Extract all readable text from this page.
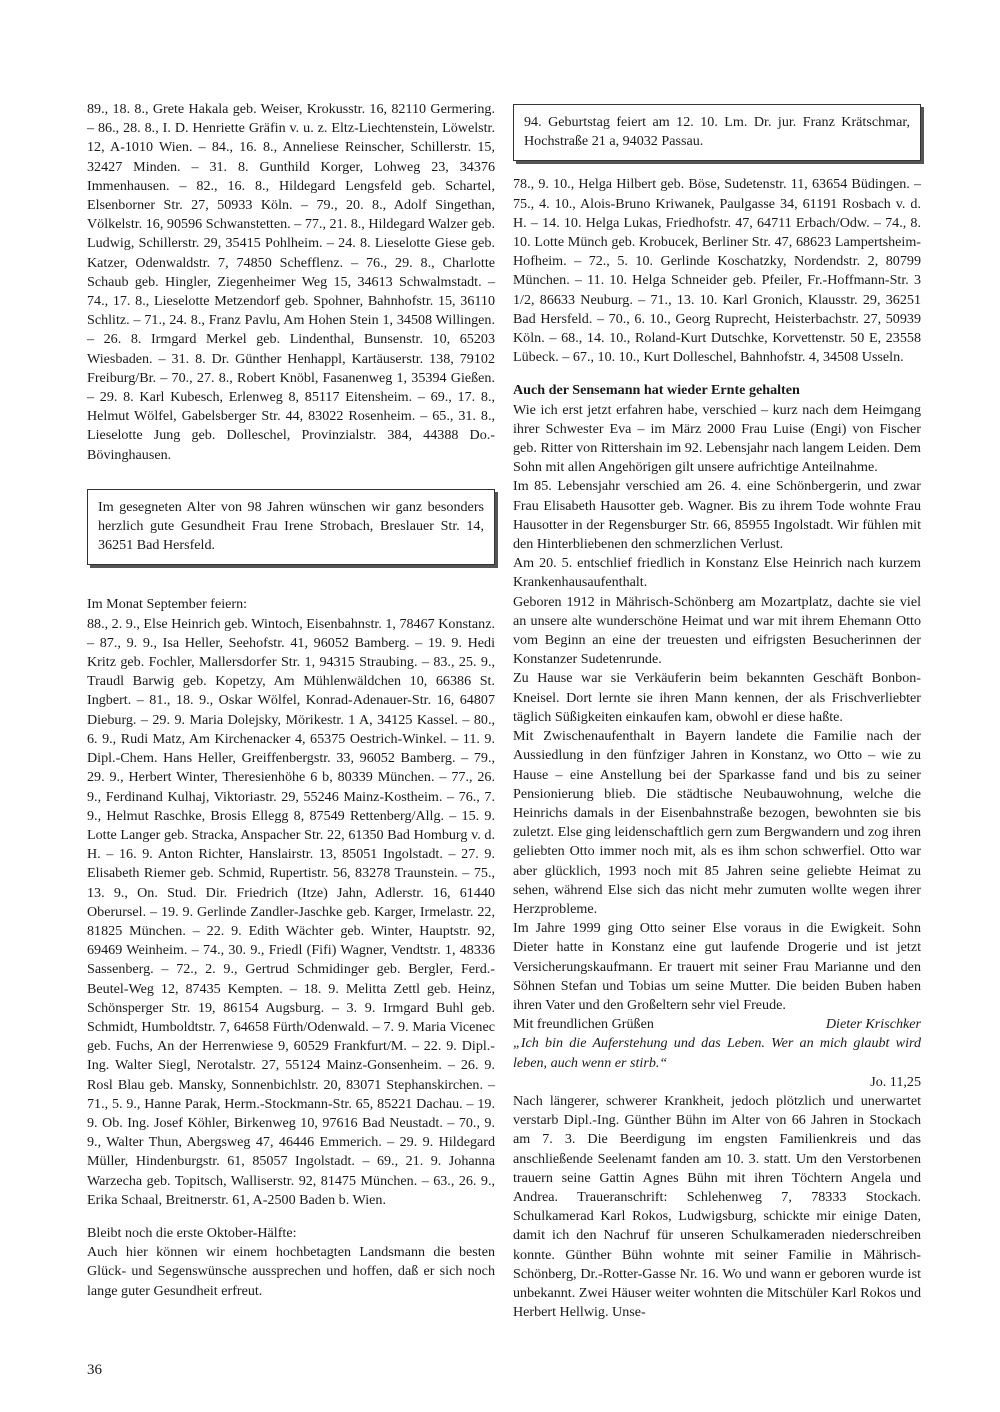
89., 18. 8., Grete Hakala geb. Weiser, Krokusstr. 16, 82110 Germering. – 86., 28. 8., I. D. Henriette Gräfin v. u. z. Eltz-Liechtenstein, Löwelstr. 12, A-1010 Wien. – 84., 16. 8., Anneliese Reinscher, Schillerstr. 15, 32427 Minden. – 31. 8. Gunthild Korger, Lohweg 23, 34376 Immenhausen. – 82., 16. 8., Hildegard Lengsfeld geb. Schartel, Elsenborner Str. 27, 50933 Köln. – 79., 20. 8., Adolf Singethan, Völkelstr. 16, 90596 Schwanstetten. – 77., 21. 8., Hildegard Walzer geb. Ludwig, Schillerstr. 29, 35415 Pohlheim. – 24. 8. Lieselotte Giese geb. Katzer, Odenwaldstr. 7, 74850 Schefflenz. – 76., 29. 8., Charlotte Schaub geb. Hingler, Ziegenheimer Weg 15, 34613 Schwalmstadt. – 74., 17. 8., Lieselotte Metzendorf geb. Spohner, Bahnhofstr. 15, 36110 Schlitz. – 71., 24. 8., Franz Pavlu, Am Hohen Stein 1, 34508 Willingen. – 26. 8. Irmgard Merkel geb. Lindenthal, Bunsenstr. 10, 65203 Wiesbaden. – 31. 8. Dr. Günther Henhappl, Kartäuserstr. 138, 79102 Freiburg/Br. – 70., 27. 8., Robert Knöbl, Fasanenweg 1, 35394 Gießen. – 29. 8. Karl Kubesch, Erlenweg 8, 85117 Eitensheim. – 69., 17. 8., Helmut Wölfel, Gabelsberger Str. 44, 83022 Rosenheim. – 65., 31. 8., Lieselotte Jung geb. Dolleschel, Provinzialstr. 384, 44388 Do.-Bövinghausen.

Im gesegneten Alter von 98 Jahren wünschen wir ganz besonders herzlich gute Gesundheit Frau Irene Strobach, Breslauer Str. 14, 36251 Bad Hersfeld.

Im Monat September feiern:

88., 2. 9., Else Heinrich geb. Wintoch, Eisenbahnstr. 1, 78467 Konstanz. – 87., 9. 9., Isa Heller, Seehofstr. 41, 96052 Bamberg. – 19. 9. Hedi Kritz geb. Fochler, Mallersdorfer Str. 1, 94315 Straubing. – 83., 25. 9., Traudl Barwig geb. Kopetzy, Am Mühlenwäldchen 10, 66386 St. Ingbert. – 81., 18. 9., Oskar Wölfel, Konrad-Adenauer-Str. 16, 64807 Dieburg. – 29. 9. Maria Dolejsky, Mörikestr. 1 A, 34125 Kassel. – 80., 6. 9., Rudi Matz, Am Kirchenacker 4, 65375 Oestrich-Winkel. – 11. 9. Dipl.-Chem. Hans Heller, Greiffenbergstr. 33, 96052 Bamberg. – 79., 29. 9., Herbert Winter, Theresienhöhe 6 b, 80339 München. – 77., 26. 9., Ferdinand Kulhaj, Viktoriastr. 29, 55246 Mainz-Kostheim. – 76., 7. 9., Helmut Raschke, Brosis Ellegg 8, 87549 Rettenberg/Allg. – 15. 9. Lotte Langer geb. Stracka, Anspacher Str. 22, 61350 Bad Homburg v. d. H. – 16. 9. Anton Richter, Hanslairstr. 13, 85051 Ingolstadt. – 27. 9. Elisabeth Riemer geb. Schmid, Rupertistr. 56, 83278 Traunstein. – 75., 13. 9., On. Stud. Dir. Friedrich (Itze) Jahn, Adlerstr. 16, 61440 Oberursel. – 19. 9. Gerlinde Zandler-Jaschke geb. Karger, Irmelastr. 22, 81825 München. – 22. 9. Edith Wächter geb. Winter, Hauptstr. 92, 69469 Weinheim. – 74., 30. 9., Friedl (Fifi) Wagner, Vendtstr. 1, 48336 Sassenberg. – 72., 2. 9., Gertrud Schmidinger geb. Bergler, Ferd.-Beutel-Weg 12, 87435 Kempten. – 18. 9. Melitta Zettl geb. Heinz, Schönsperger Str. 19, 86154 Augsburg. – 3. 9. Irmgard Buhl geb. Schmidt, Humboldtstr. 7, 64658 Fürth/Odenwald. – 7. 9. Maria Vicenec geb. Fuchs, An der Herrenwiese 9, 60529 Frankfurt/M. – 22. 9. Dipl.-Ing. Walter Siegl, Nerotalstr. 27, 55124 Mainz-Gonsenheim. – 26. 9. Rosl Blau geb. Mansky, Sonnenbichlstr. 20, 83071 Stephanskirchen. – 71., 5. 9., Hanne Parak, Herm.-Stockmann-Str. 65, 85221 Dachau. – 19. 9. Ob. Ing. Josef Köhler, Birkenweg 10, 97616 Bad Neustadt. – 70., 9. 9., Walter Thun, Abergsweg 47, 46446 Emmerich. – 29. 9. Hildegard Müller, Hindenburgstr. 61, 85057 Ingolstadt. – 69., 21. 9. Johanna Warzecha geb. Topitsch, Walliserstr. 92, 81475 München. – 63., 26. 9., Erika Schaal, Breitnerstr. 61, A-2500 Baden b. Wien.

Bleibt noch die erste Oktober-Hälfte:

Auch hier können wir einem hochbetagten Landsmann die besten Glück- und Segenswünsche aussprechen und hoffen, daß er sich noch lange guter Gesundheit erfreut.

94. Geburtstag feiert am 12. 10. Lm. Dr. jur. Franz Krätschmar, Hochstraße 21 a, 94032 Passau.

78., 9. 10., Helga Hilbert geb. Böse, Sudetenstr. 11, 63654 Büdingen. – 75., 4. 10., Alois-Bruno Kriwanek, Paulgasse 34, 61191 Rosbach v. d. H. – 14. 10. Helga Lukas, Friedhofstr. 47, 64711 Erbach/Odw. – 74., 8. 10. Lotte Münch geb. Krobucek, Berliner Str. 47, 68623 Lampertsheim-Hofheim. – 72., 5. 10. Gerlinde Koschatzky, Nordendstr. 2, 80799 München. – 11. 10. Helga Schneider geb. Pfeiler, Fr.-Hoffmann-Str. 3 1/2, 86633 Neuburg. – 71., 13. 10. Karl Gronich, Klausstr. 29, 36251 Bad Hersfeld. – 70., 6. 10., Georg Ruprecht, Heisterbachstr. 27, 50939 Köln. – 68., 14. 10., Roland-Kurt Dutschke, Korvettenstr. 50 E, 23558 Lübeck. – 67., 10. 10., Kurt Dolleschel, Bahnhofstr. 4, 34508 Usseln.

Auch der Sensemann hat wieder Ernte gehalten

Wie ich erst jetzt erfahren habe, verschied – kurz nach dem Heimgang ihrer Schwester Eva – im März 2000 Frau Luise (Engi) von Fischer geb. Ritter von Rittershain im 92. Lebensjahr nach langem Leiden. Dem Sohn mit allen Angehörigen gilt unsere aufrichtige Anteilnahme.

Im 85. Lebensjahr verschied am 26. 4. eine Schönbergerin, und zwar Frau Elisabeth Hausotter geb. Wagner. Bis zu ihrem Tode wohnte Frau Hausotter in der Regensburger Str. 66, 85955 Ingolstadt. Wir fühlen mit den Hinterbliebenen den schmerzlichen Verlust.

Am 20. 5. entschlief friedlich in Konstanz Else Heinrich nach kurzem Krankenhausaufenthalt.

Geboren 1912 in Mährisch-Schönberg am Mozartplatz, dachte sie viel an unsere alte wunderschöne Heimat und war mit ihrem Ehemann Otto vom Beginn an eine der treuesten und eifrigsten Besucherinnen der Konstanzer Sudetenrunde.

Zu Hause war sie Verkäuferin beim bekannten Geschäft Bonbon-Kneisel. Dort lernte sie ihren Mann kennen, der als Frischverliebter täglich Süßigkeiten einkaufen kam, obwohl er diese haßte.

Mit Zwischenaufenthalt in Bayern landete die Familie nach der Aussiedlung in den fünfziger Jahren in Konstanz, wo Otto – wie zu Hause – eine Anstellung bei der Sparkasse fand und bis zu seiner Pensionierung blieb. Die städtische Neubauwohnung, welche die Heinrichs damals in der Eisenbahnstraße bezogen, bewohnten sie bis zuletzt. Else ging leidenschaftlich gern zum Bergwandern und zog ihren geliebten Otto immer noch mit, als es ihm schon schwerfiel. Otto war aber glücklich, 1993 noch mit 85 Jahren seine geliebte Heimat zu sehen, während Else sich das nicht mehr zumuten wollte wegen ihrer Herzprobleme.

Im Jahre 1999 ging Otto seiner Else voraus in die Ewigkeit. Sohn Dieter hatte in Konstanz eine gut laufende Drogerie und ist jetzt Versicherungskaufmann. Er trauert mit seiner Frau Marianne und den Söhnen Stefan und Tobias um seine Mutter. Die beiden Buben haben ihren Vater und den Großeltern sehr viel Freude.

Mit freundlichen Grüßen	Dieter Krischker

„Ich bin die Auferstehung und das Leben. Wer an mich glaubt wird leben, auch wenn er stirb.“

Jo. 11,25

Nach längerer, schwerer Krankheit, jedoch plötzlich und unerwartet verstarb Dipl.-Ing. Günther Bühn im Alter von 66 Jahren in Stockach am 7. 3. Die Beerdigung im engsten Familienkreis und das anschließende Seelenamt fanden am 10. 3. statt. Um den Verstorbenen trauern seine Gattin Agnes Bühn mit ihren Töchtern Angela und Andrea. Traueranschrift: Schlehenweg 7, 78333 Stockach. Schulkamerad Karl Rokos, Ludwigsburg, schickte mir einige Daten, damit ich den Nachruf für unseren Schulkameraden niederschreiben konnte. Günther Bühn wohnte mit seiner Familie in Mährisch-Schönberg, Dr.-Rotter-Gasse Nr. 16. Wo und wann er geboren wurde ist unbekannt. Zwei Häuser weiter wohnten die Mitschüler Karl Rokos und Herbert Hellwig. Unse-

36
